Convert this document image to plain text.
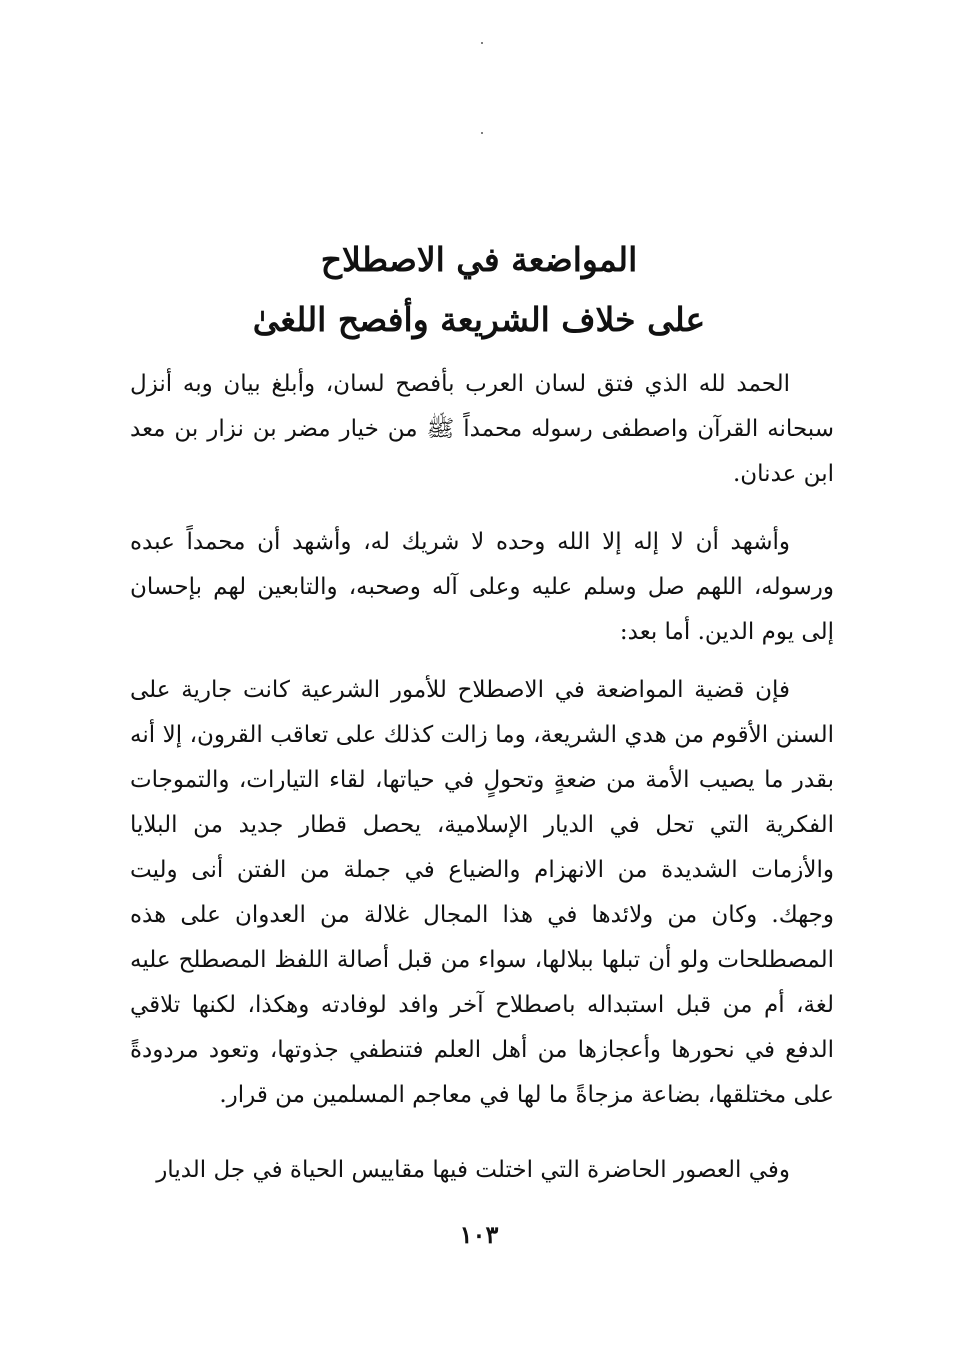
المواضعة في الاصطلاح
على خلاف الشريعة وأفصح اللغىٰ

الحمد لله الذي فتق لسان العرب بأفصح لسان، وأبلغ بيان وبه أنزل سبحانه القرآن واصطفى رسوله محمداً ﷺ من خيار مضر بن نزار بن معد ابن عدنان.

وأشهد أن لا إله إلا الله وحده لا شريك له، وأشهد أن محمداً عبده ورسوله، اللهم صل وسلم عليه وعلى آله وصحبه، والتابعين لهم بإحسان إلى يوم الدين. أما بعد:

فإن قضية المواضعة في الاصطلاح للأمور الشرعية كانت جارية على السنن الأقوم من هدي الشريعة، وما زالت كذلك على تعاقب القرون، إلا أنه بقدر ما يصيب الأمة من ضعةٍ وتحولٍ في حياتها، لقاء التيارات، والتموجات الفكرية التي تحل في الديار الإسلامية، يحصل قطار جديد من البلايا والأزمات الشديدة من الانهزام والضياع في جملة من الفتن أنى وليت وجهك. وكان من ولائدها في هذا المجال غلالة من العدوان على هذه المصطلحات ولو أن تبلها ببلالها، سواء من قبل أصالة اللفظ المصطلح عليه لغة، أم من قبل استبداله باصطلاح آخر وافد لوفادته وهكذا، لكنها تلاقي الدفع في نحورها وأعجازها من أهل العلم فتنطفي جذوتها، وتعود مردودةً على مختلقها، بضاعة مزجاةً ما لها في معاجم المسلمين من قرار.

وفي العصور الحاضرة التي اختلت فيها مقاييس الحياة في جل الديار

١٠٣
